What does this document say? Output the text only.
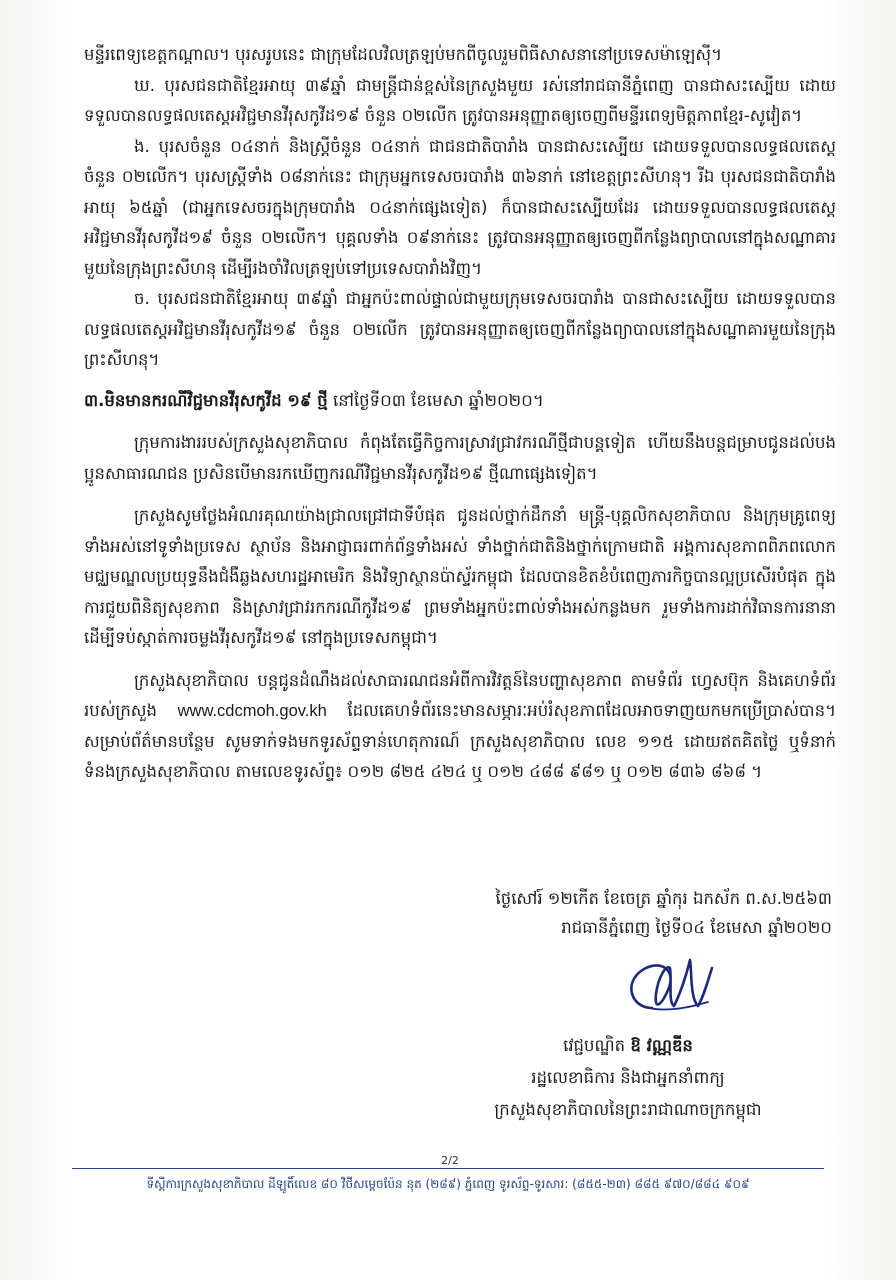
មន្ទីរពេទ្យខេត្តកណ្តាល។ បុរសរូបនេះ ជាក្រុមដែលវិលត្រឡប់មកពីចូលរួមពិធីសាសនានៅប្រទេសម៉ាឡេស៊ី។

ឃ. បុរសជនជាតិខ្មែរអាយុ ៣៩ឆ្នាំ ជាមន្ត្រីជាន់ខ្ពស់នៃក្រសួងមួយ រស់នៅរាជធានីភ្នំពេញ បានជាសះស្បើយ ដោយទទួលបានលទ្ធផលតេស្តអវិជ្ជមានវីរុសកូវីដ១៩ ចំនួន ០២លើក ត្រូវបានអនុញ្ញាតឲ្យចេញពីមន្ទីរពេទ្យមិត្តភាពខ្មែរ-សូវៀត។

ង. បុរសចំនួន ០៤នាក់ និងស្ត្រីចំនួន ០៤នាក់ ជាជនជាតិបារាំង បានជាសះស្បើយ ដោយទទួលបានលទ្ធផលតេស្តចំនួន ០២លើក។ បុរសស្ត្រីទាំង ០៨នាក់នេះ ជាក្រុមអ្នកទេសចរបារាំង ៣៦នាក់ នៅខេត្តព្រះសីហនុ។ រីឯ បុរសជនជាតិបារាំងអាយុ ៦៥ឆ្នាំ (ជាអ្នកទេសចរក្នុងក្រុមបារាំង ០៤នាក់ផ្សេងទៀត) ក៏បានជាសះស្បើយដែរ ដោយទទួលបានលទ្ធផលតេស្តអវិជ្ជមានវីរុសកូវីដ១៩ ចំនួន ០២លើក។ បុគ្គលទាំង ០៩នាក់នេះ ត្រូវបានអនុញ្ញាតឲ្យចេញពីកន្លែងព្យាបាលនៅក្នុងសណ្ឋាគារមួយនៃក្រុងព្រះសីហនុ ដើម្បីរងចាំវិលត្រឡប់ទៅប្រទេសបារាំងវិញ។

ច. បុរសជនជាតិខ្មែរអាយុ ៣៩ឆ្នាំ ជាអ្នកប៉ះពាល់ផ្ទាល់ជាមួយក្រុមទេសចរបារាំង បានជាសះស្បើយ ដោយទទួលបានលទ្ធផលតេស្តអវិជ្ជមានវីរុសកូវីដ១៩ ចំនួន ០២លើក ត្រូវបានអនុញ្ញាតឲ្យចេញពីកន្លែងព្យាបាលនៅក្នុងសណ្ឋាគារមួយនៃក្រុងព្រះសីហនុ។

៣.មិនមានករណីវិជ្ជមានវីរុសកូវីដ ១៩ ថ្មី នៅថ្ងៃទី០៣ ខែមេសា ឆ្នាំ២០២០។

ក្រុមការងាររបស់ក្រសួងសុខាភិបាល កំពុងតែធ្វើកិច្ចការស្រាវជ្រាវករណីថ្មីជាបន្តទៀត ហើយនឹងបន្តជម្រាបជូនដល់បងប្អូនសាធារណជន ប្រសិនបើមានរកឃើញករណីវិជ្ជមានវីរុសកូវីដ១៩ ថ្មីណាផ្សេងទៀត។

ក្រសួងសូមថ្លែងអំណរគុណយ៉ាងជ្រាលជ្រៅជាទីបំផុត ជូនដល់ថ្នាក់ដឹកនាំ មន្ត្រី-បុគ្គលិកសុខាភិបាល និងក្រុមគ្រូពេទ្យទាំងអស់នៅទូទាំងប្រទេស ស្ថាប័ន និងអាជ្ញាធរពាក់ព័ន្ធទាំងអស់ ទាំងថ្នាក់ជាតិនិងថ្នាក់ក្រោមជាតិ អង្គការសុខភាពពិភពលោក មជ្ឈមណ្ឌលប្រយុទ្ធនឹងជំងឺឆ្លងសហរដ្ឋអាមេរិក និងវិទ្យាស្ថានប៉ាស្ទ័រកម្ពុជា ដែលបានខិតខំបំពេញភារកិច្ចបានល្អប្រសើរបំផុត ក្នុងការជួយពិនិត្យសុខភាព និងស្រាវជ្រាវរកករណីកូវីដ១៩ ព្រមទាំងអ្នកប៉ះពាល់ទាំងអស់កន្លងមក រួមទាំងការដាក់វិធានការនានា ដើម្បីទប់ស្កាត់ការចម្លងវីរុសកូវីដ១៩ នៅក្នុងប្រទេសកម្ពុជា។

ក្រសួងសុខាភិបាល បន្តជូនដំណឹងដល់សាធារណជនអំពីការវិវត្តន៍នៃបញ្ហាសុខភាព តាមទំព័រ ហ្វេសប៊ុក និងគេហទំព័ររបស់ក្រសួង www.cdcmoh.gov.kh ដែលគេហទំព័រនេះមានសម្ភារៈអប់រំសុខភាពដែលអាចទាញយកមកប្រើប្រាស់បាន។ សម្រាប់ព័ត៌មានបន្ថែម សូមទាក់ទងមកទូរស័ព្ទទាន់ហេតុការណ៍ ក្រសួងសុខាភិបាល លេខ ១១៥ ដោយឥតគិតថ្លៃ ឬទំនាក់ទំនងក្រសួងសុខាភិបាល តាមលេខទូរស័ព្ទ៖ ០១២ ៨២៥ ៤២៤ ឬ ០១២ ៤៨៨ ៩៨១ ឬ ០១២ ៨៣៦ ៨៦៨ ។

ថ្ងៃសៅរ៍ ១២កើត ខែចេត្រ ឆ្នាំកុរ ឯកស័ក ព.ស.២៥៦៣
រាជធានីភ្នំពេញ ថ្ងៃទី០៤ ខែមេសា ឆ្នាំ២០២០
វេជ្ជបណ្ឌិត ឱ វណ្ណឌីន
រដ្ឋលេខាធិការ និងជាអ្នកនាំពាក្យ
ក្រសួងសុខាភិបាលនៃព្រះរាជាណាចក្រកម្ពុជា
2/2
ទីស្តីការក្រសួងសុខាភិបាល ដីឡូតិ៍លេខ ៨០ វិថីសម្តេចប៉ែន នុត (២៨៩) ភ្នំពេញ ទូរស័ព្ទ-ទូរសារ: (៨៥៥-២៣) ៨៨៥ ៩៧០/៨៨៤ ៩០៩
